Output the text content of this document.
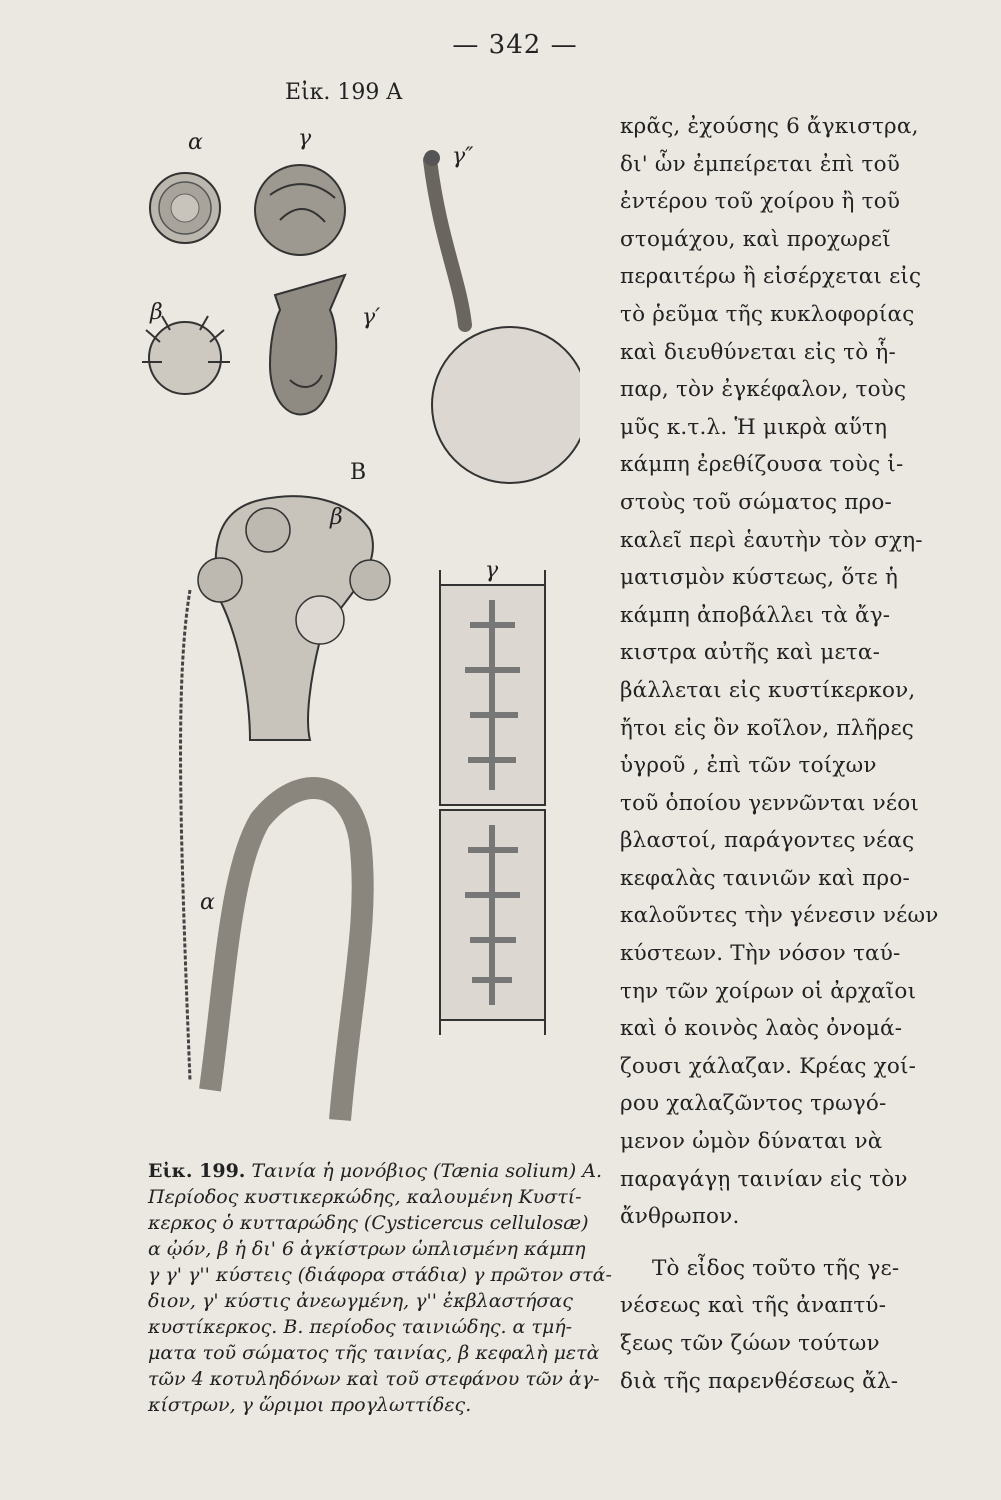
— 342 —
Εἰκ. 199 Α
α	γ
γ″
β	γ′
Β
β
γ
α
Εἰκ. 199. Ταινία ἡ μονόβιος (Tænia solium) Α.
Περίοδος κυστικερκώδης, καλουμένη Κυστί-
κερκος ὁ κυτταρώδης (Cysticercus cellulosæ)
α ᾠόν, β ἡ δι' 6 ἀγκίστρων ὡπλισμένη κάμπη
γ γ' γ'' κύστεις (διάφορα στάδια) γ πρῶτον στά-
διον, γ' κύστις ἀνεωγμένη, γ'' ἐκβλαστήσας
κυστίκερκος. Β. περίοδος ταινιώδης. α τμή-
ματα τοῦ σώματος τῆς ταινίας, β κεφαλὴ μετὰ
τῶν 4 κοτυληδόνων καὶ τοῦ στεφάνου τῶν ἀγ-
κίστρων, γ ὥριμοι προγλωττίδες.
κρᾶς, ἐχούσης 6 ἄγκιστρα,
δι' ὧν ἐμπείρεται ἐπὶ τοῦ
ἐντέρου τοῦ χοίρου ἢ τοῦ
στομάχου, καὶ προχωρεῖ
περαιτέρω ἢ εἰσέρχεται εἰς
τὸ ῥεῦμα τῆς κυκλοφορίας
καὶ διευθύνεται εἰς τὸ ἧ-
παρ, τὸν ἐγκέφαλον, τοὺς
μῦς κ.τ.λ. Ἡ μικρὰ αὕτη
κάμπη ἐρεθίζουσα τοὺς ἱ-
στοὺς τοῦ σώματος προ-
καλεῖ περὶ ἑαυτὴν τὸν σχη-
ματισμὸν κύστεως, ὅτε ἡ
κάμπη ἀποβάλλει τὰ ἄγ-
κιστρα αὐτῆς καὶ μετα-
βάλλεται εἰς κυστίκερκον,
ἤτοι εἰς ὃν κοῖλον, πλῆρες
ὑγροῦ , ἐπὶ τῶν τοίχων
τοῦ ὁποίου γεννῶνται νέοι
βλαστοί, παράγοντες νέας
κεφαλὰς ταινιῶν καὶ προ-
καλοῦντες τὴν γένεσιν νέων
κύστεων. Τὴν νόσον ταύ-
την τῶν χοίρων οἱ ἀρχαῖοι
καὶ ὁ κοινὸς λαὸς ὀνομά-
ζουσι χάλαζαν. Κρέας χοί-
ρου χαλαζῶντος τρωγό-
μενον ὠμὸν δύναται νὰ
παραγάγῃ ταινίαν εἰς τὸν
ἄνθρωπον.
Τὸ εἶδος τοῦτο τῆς γε-
νέσεως καὶ τῆς ἀναπτύ-
ξεως τῶν ζώων τούτων
διὰ τῆς παρενθέσεως ἄλ-
